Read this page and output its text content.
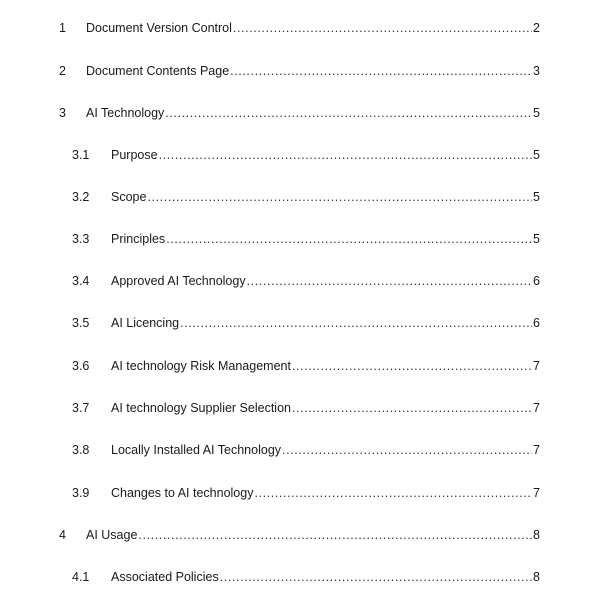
1 Document Version Control .....	2
2 Document Contents Page .....	3
3 AI Technology .....	5
3.1 Purpose .....	5
3.2 Scope .....	5
3.3 Principles .....	5
3.4 Approved AI Technology .....	6
3.5 AI Licencing .....	6
3.6 AI technology Risk Management .....	7
3.7 AI technology Supplier Selection .....	7
3.8 Locally Installed AI Technology .....	7
3.9 Changes to AI technology .....	7
4 AI Usage .....	8
4.1 Associated Policies .....	8
